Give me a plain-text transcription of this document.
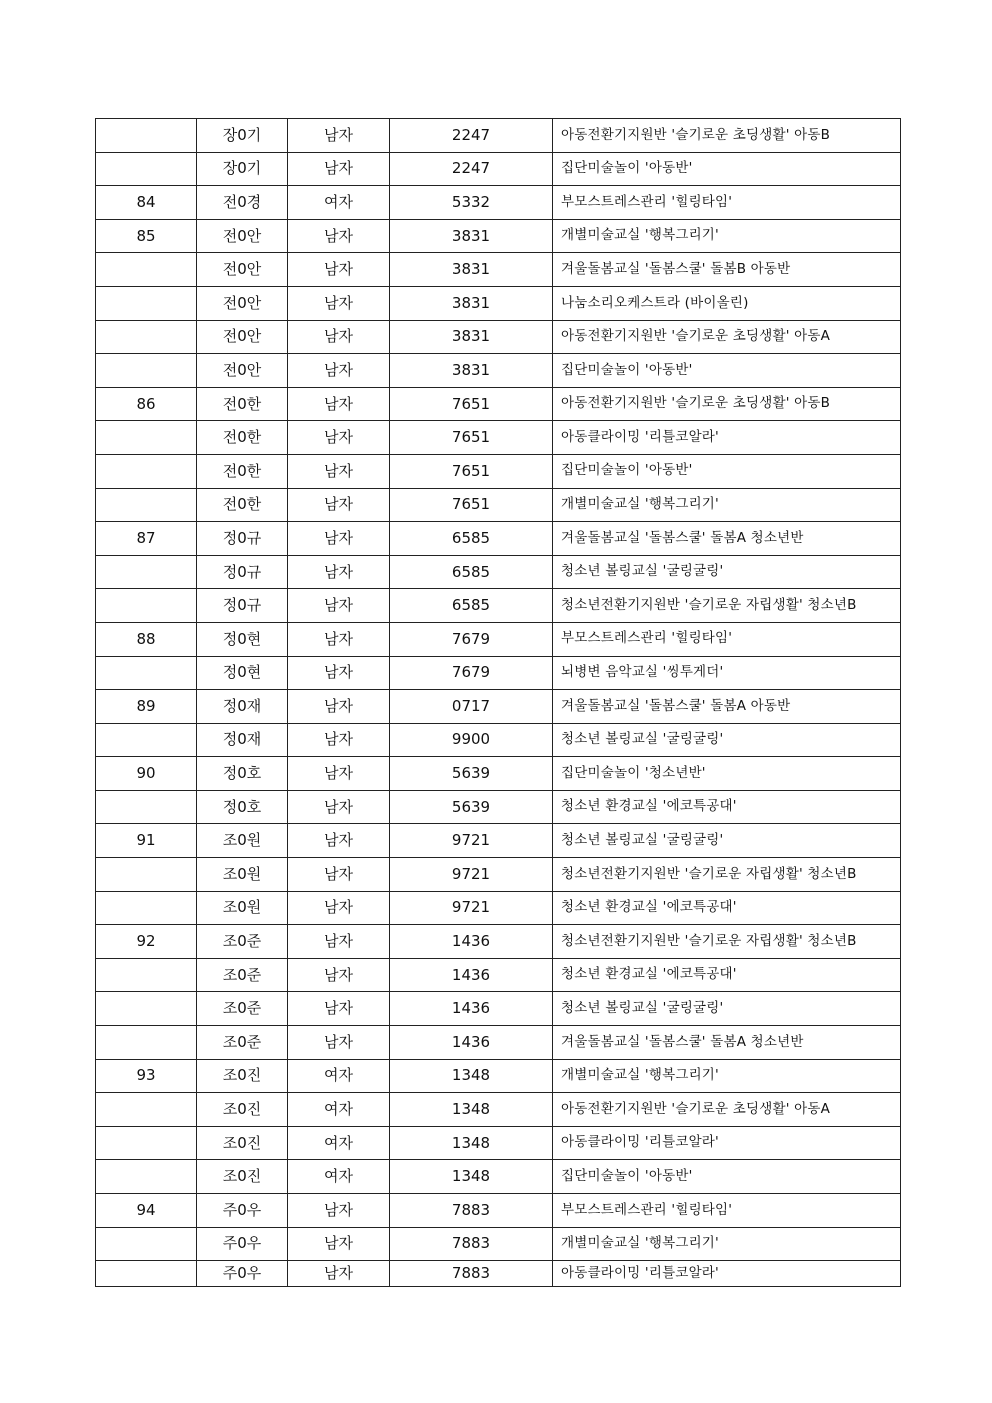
	장0기	남자	2247	아동전환기지원반 '슬기로운 초딩생활' 아동B
	장0기	남자	2247	집단미술놀이 '아동반'
84	전0경	여자	5332	부모스트레스관리 '힐링타임'
85	전0안	남자	3831	개별미술교실 '행복그리기'
	전0안	남자	3831	겨울돌봄교실 '돌봄스쿨' 돌봄B 아동반
	전0안	남자	3831	나눔소리오케스트라 (바이올린)
	전0안	남자	3831	아동전환기지원반 '슬기로운 초딩생활' 아동A
	전0안	남자	3831	집단미술놀이 '아동반'
86	전0한	남자	7651	아동전환기지원반 '슬기로운 초딩생활' 아동B
	전0한	남자	7651	아동클라이밍 '리틀코알라'
	전0한	남자	7651	집단미술놀이 '아동반'
	전0한	남자	7651	개별미술교실 '행복그리기'
87	정0규	남자	6585	겨울돌봄교실 '돌봄스쿨' 돌봄A 청소년반
	정0규	남자	6585	청소년 볼링교실 '굴링굴링'
	정0규	남자	6585	청소년전환기지원반 '슬기로운 자립생활' 청소년B
88	정0현	남자	7679	부모스트레스관리 '힐링타임'
	정0현	남자	7679	뇌병변 음악교실 '씽투게더'
89	정0재	남자	0717	겨울돌봄교실 '돌봄스쿨' 돌봄A 아동반
	정0재	남자	9900	청소년 볼링교실 '굴링굴링'
90	정0호	남자	5639	집단미술놀이 '청소년반'
	정0호	남자	5639	청소년 환경교실 '에코특공대'
91	조0원	남자	9721	청소년 볼링교실 '굴링굴링'
	조0원	남자	9721	청소년전환기지원반 '슬기로운 자립생활' 청소년B
	조0원	남자	9721	청소년 환경교실 '에코특공대'
92	조0준	남자	1436	청소년전환기지원반 '슬기로운 자립생활' 청소년B
	조0준	남자	1436	청소년 환경교실 '에코특공대'
	조0준	남자	1436	청소년 볼링교실 '굴링굴링'
	조0준	남자	1436	겨울돌봄교실 '돌봄스쿨' 돌봄A 청소년반
93	조0진	여자	1348	개별미술교실 '행복그리기'
	조0진	여자	1348	아동전환기지원반 '슬기로운 초딩생활' 아동A
	조0진	여자	1348	아동클라이밍 '리틀코알라'
	조0진	여자	1348	집단미술놀이 '아동반'
94	주0우	남자	7883	부모스트레스관리 '힐링타임'
	주0우	남자	7883	개별미술교실 '행복그리기'
	주0우	남자	7883	아동클라이밍 '리틀코알라'
